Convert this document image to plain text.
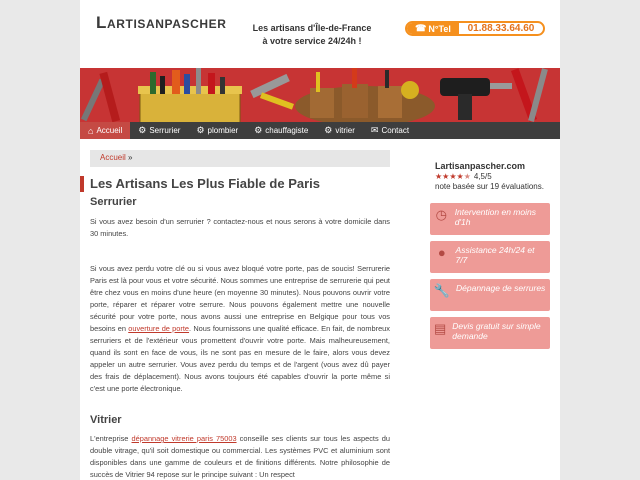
Lartisanpascher	Les artisans d'Île-de-France à votre service 24/24h !
☎ N°Tel	01.88.33.64.60
⌂ Accueil ⚙ Serrurier ⚙ plombier ⚙ chauffagiste ⚙ vitrier ✉ Contact
Accueil »
Les Artisans Les Plus Fiable de Paris
Serrurier
Si vous avez besoin d'un serrurier ? contactez-nous et nous serons à votre domicile dans 30 minutes.
Si vous avez perdu votre clé ou si vous avez bloqué votre porte, pas de soucis! Serrurerie Paris est là pour vous et votre sécurité. Nous sommes une entreprise de serrurerie qui peut être chez vous en moins d'une heure (en moyenne 30 minutes). Nous pouvons ouvrir votre porte, réparer et réparer votre serrure. Nous pouvons également mettre une nouvelle sécurité pour votre porte, nous avons aussi une entreprise en Belgique pour tous vos besoins en ouverture de porte. Nous fournissons une qualité efficace. En fait, de nombreux serruriers et de l'extérieur vous promettent d'ouvrir votre porte. Mais malheureusement, quand ils sont en face de vous, ils ne sont pas en mesure de le faire, alors vous devez appeler un autre serrurier. Vous avez perdu du temps et de l'argent (vous avez dû payer des frais de déplacement). Nous avons toujours été capables d'ouvrir la porte même si c'est une porte électronique.
Vitrier
L'entreprise dépannage vitrerie paris 75003 conseille ses clients sur tous les aspects du double vitrage, qu'il soit domestique ou commercial. Les systèmes PVC et aluminium sont disponibles dans une gamme de couleurs et de finitions différents. Notre philosophie de succès de Vitrier 94 repose sur le principe suivant : Un respect
Lartisanpascher.com
★ ★ ★ ★ ★ 4,5/5
note basée sur 19 évaluations.
◷ Intervention en moins d'1h
●	Assistance 24h/24 et 7/7
🔧 Dépannage de serrures
▤ Devis gratuit sur simple demande
